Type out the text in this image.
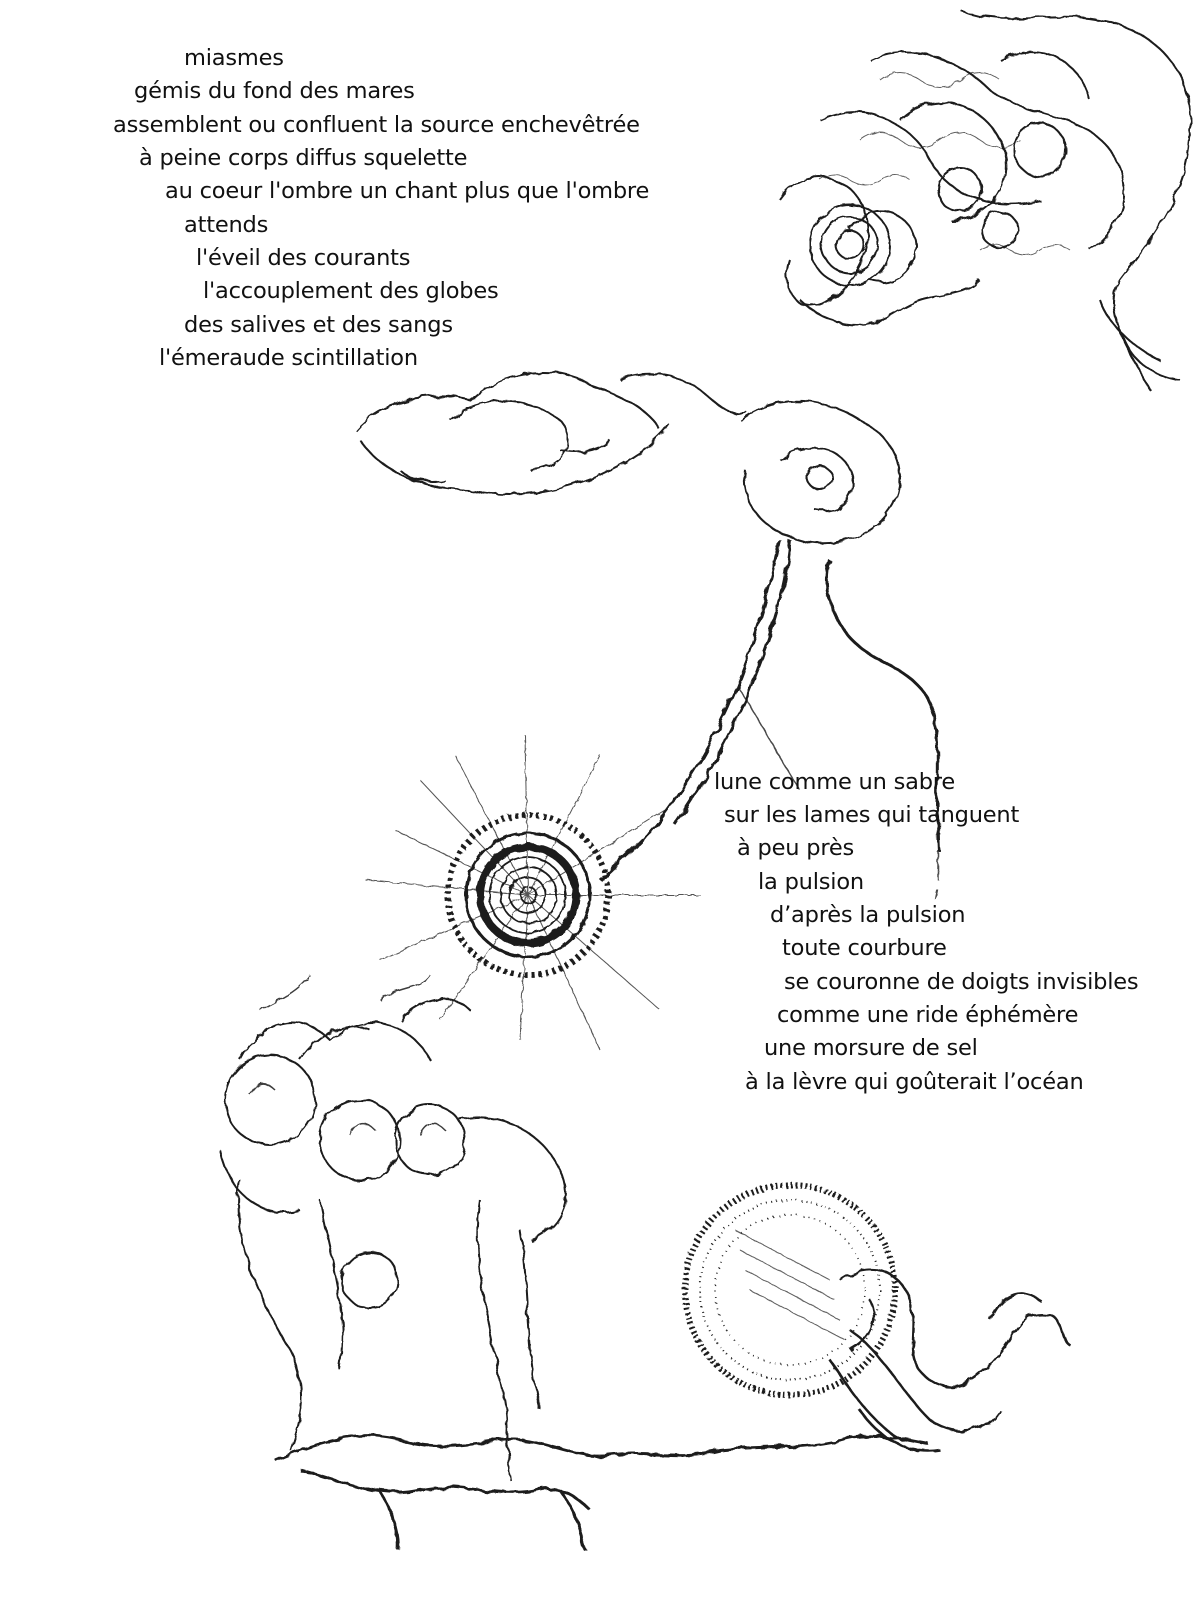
miasmes
gémis du fond des mares
assemblent ou confluent la source enchevêtrée
à peine corps diffus squelette
au coeur l'ombre un chant plus que l'ombre
attends
l'éveil des courants
l'accouplement des globes
des salives et des sangs
l'émeraude scintillation
lune comme un sabre
sur les lames qui tanguent
à peu près
la pulsion
d’après la pulsion
toute courbure
se couronne de doigts invisibles
comme une ride éphémère
une morsure de sel
à la lèvre qui goûterait l’océan
